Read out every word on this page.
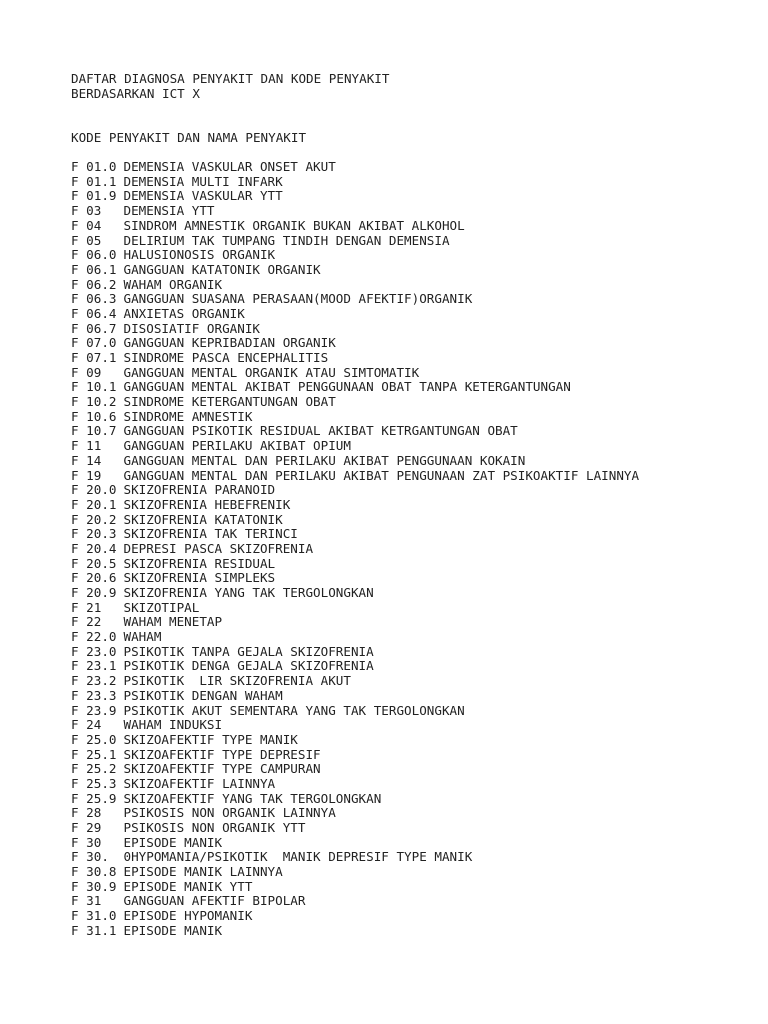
DAFTAR DIAGNOSA PENYAKIT DAN KODE PENYAKIT
BERDASARKAN ICT X
KODE PENYAKIT DAN NAMA PENYAKIT
F 01.0 DEMENSIA VASKULAR ONSET AKUT
F 01.1 DEMENSIA MULTI INFARK
F 01.9 DEMENSIA VASKULAR YTT
F 03	DEMENSIA YTT
F 04	SINDROM AMNESTIK ORGANIK BUKAN AKIBAT ALKOHOL
F 05	DELIRIUM TAK TUMPANG TINDIH DENGAN DEMENSIA
F 06.0 HALUSIONOSIS ORGANIK
F 06.1 GANGGUAN KATATONIK ORGANIK
F 06.2 WAHAM ORGANIK
F 06.3 GANGGUAN SUASANA PERASAAN(MOOD AFEKTIF)ORGANIK
F 06.4 ANXIETAS ORGANIK
F 06.7 DISOSIATIF ORGANIK
F 07.0 GANGGUAN KEPRIBADIAN ORGANIK
F 07.1 SINDROME PASCA ENCEPHALITIS
F 09	GANGGUAN MENTAL ORGANIK ATAU SIMTOMATIK
F 10.1 GANGGUAN MENTAL AKIBAT PENGGUNAAN OBAT TANPA KETERGANTUNGAN
F 10.2 SINDROME KETERGANTUNGAN OBAT
F 10.6 SINDROME AMNESTIK
F 10.7 GANGGUAN PSIKOTIK RESIDUAL AKIBAT KETRGANTUNGAN OBAT
F 11	GANGGUAN PERILAKU AKIBAT OPIUM
F 14	GANGGUAN MENTAL DAN PERILAKU AKIBAT PENGGUNAAN KOKAIN
F 19	GANGGUAN MENTAL DAN PERILAKU AKIBAT PENGUNAAN ZAT PSIKOAKTIF LAINNYA
F 20.0 SKIZOFRENIA PARANOID
F 20.1 SKIZOFRENIA HEBEFRENIK
F 20.2 SKIZOFRENIA KATATONIK
F 20.3 SKIZOFRENIA TAK TERINCI
F 20.4 DEPRESI PASCA SKIZOFRENIA
F 20.5 SKIZOFRENIA RESIDUAL
F 20.6 SKIZOFRENIA SIMPLEKS
F 20.9 SKIZOFRENIA YANG TAK TERGOLONGKAN
F 21	SKIZOTIPAL
F 22	WAHAM MENETAP
F 22.0 WAHAM
F 23.0 PSIKOTIK TANPA GEJALA SKIZOFRENIA
F 23.1 PSIKOTIK DENGA GEJALA SKIZOFRENIA
F 23.2 PSIKOTIK  LIR SKIZOFRENIA AKUT
F 23.3 PSIKOTIK DENGAN WAHAM
F 23.9 PSIKOTIK AKUT SEMENTARA YANG TAK TERGOLONGKAN
F 24	WAHAM INDUKSI
F 25.0 SKIZOAFEKTIF TYPE MANIK
F 25.1 SKIZOAFEKTIF TYPE DEPRESIF
F 25.2 SKIZOAFEKTIF TYPE CAMPURAN
F 25.3 SKIZOAFEKTIF LAINNYA
F 25.9 SKIZOAFEKTIF YANG TAK TERGOLONGKAN
F 28	PSIKOSIS NON ORGANIK LAINNYA
F 29	PSIKOSIS NON ORGANIK YTT
F 30	EPISODE MANIK
F 30.	0HYPOMANIA/PSIKOTIK  MANIK DEPRESIF TYPE MANIK
F 30.8 EPISODE MANIK LAINNYA
F 30.9 EPISODE MANIK YTT
F 31	GANGGUAN AFEKTIF BIPOLAR
F 31.0 EPISODE HYPOMANIK
F 31.1 EPISODE MANIK
